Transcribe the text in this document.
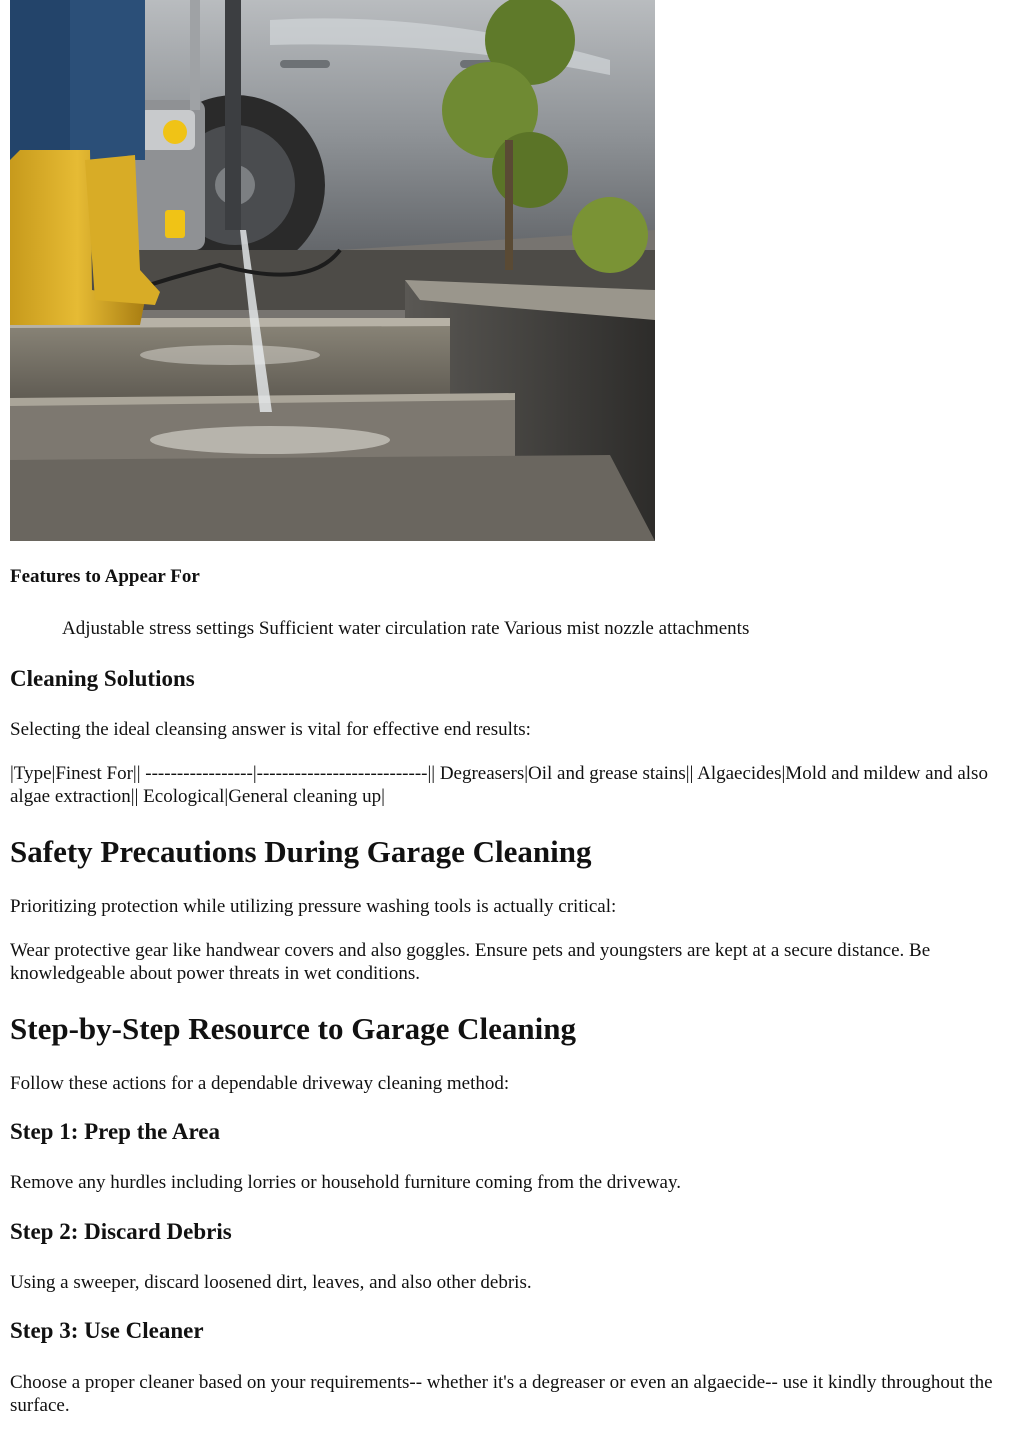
Features to Appear For

Adjustable stress settings Sufficient water circulation rate Various mist nozzle attachments

Cleaning Solutions

Selecting the ideal cleansing answer is vital for effective end results:

|Type|Finest For|| -----------------|---------------------------|| Degreasers|Oil and grease stains|| Algaecides|Mold and mildew and also algae extraction|| Ecological|General cleaning up|

Safety Precautions During Garage Cleaning

Prioritizing protection while utilizing pressure washing tools is actually critical:

Wear protective gear like handwear covers and also goggles. Ensure pets and youngsters are kept at a secure distance. Be knowledgeable about power threats in wet conditions.

Step-by-Step Resource to Garage Cleaning

Follow these actions for a dependable driveway cleaning method:

Step 1: Prep the Area

Remove any hurdles including lorries or household furniture coming from the driveway.

Step 2: Discard Debris

Using a sweeper, discard loosened dirt, leaves, and also other debris.

Step 3: Use Cleaner

Choose a proper cleaner based on your requirements-- whether it's a degreaser or even an algaecide-- use it kindly throughout the surface.
